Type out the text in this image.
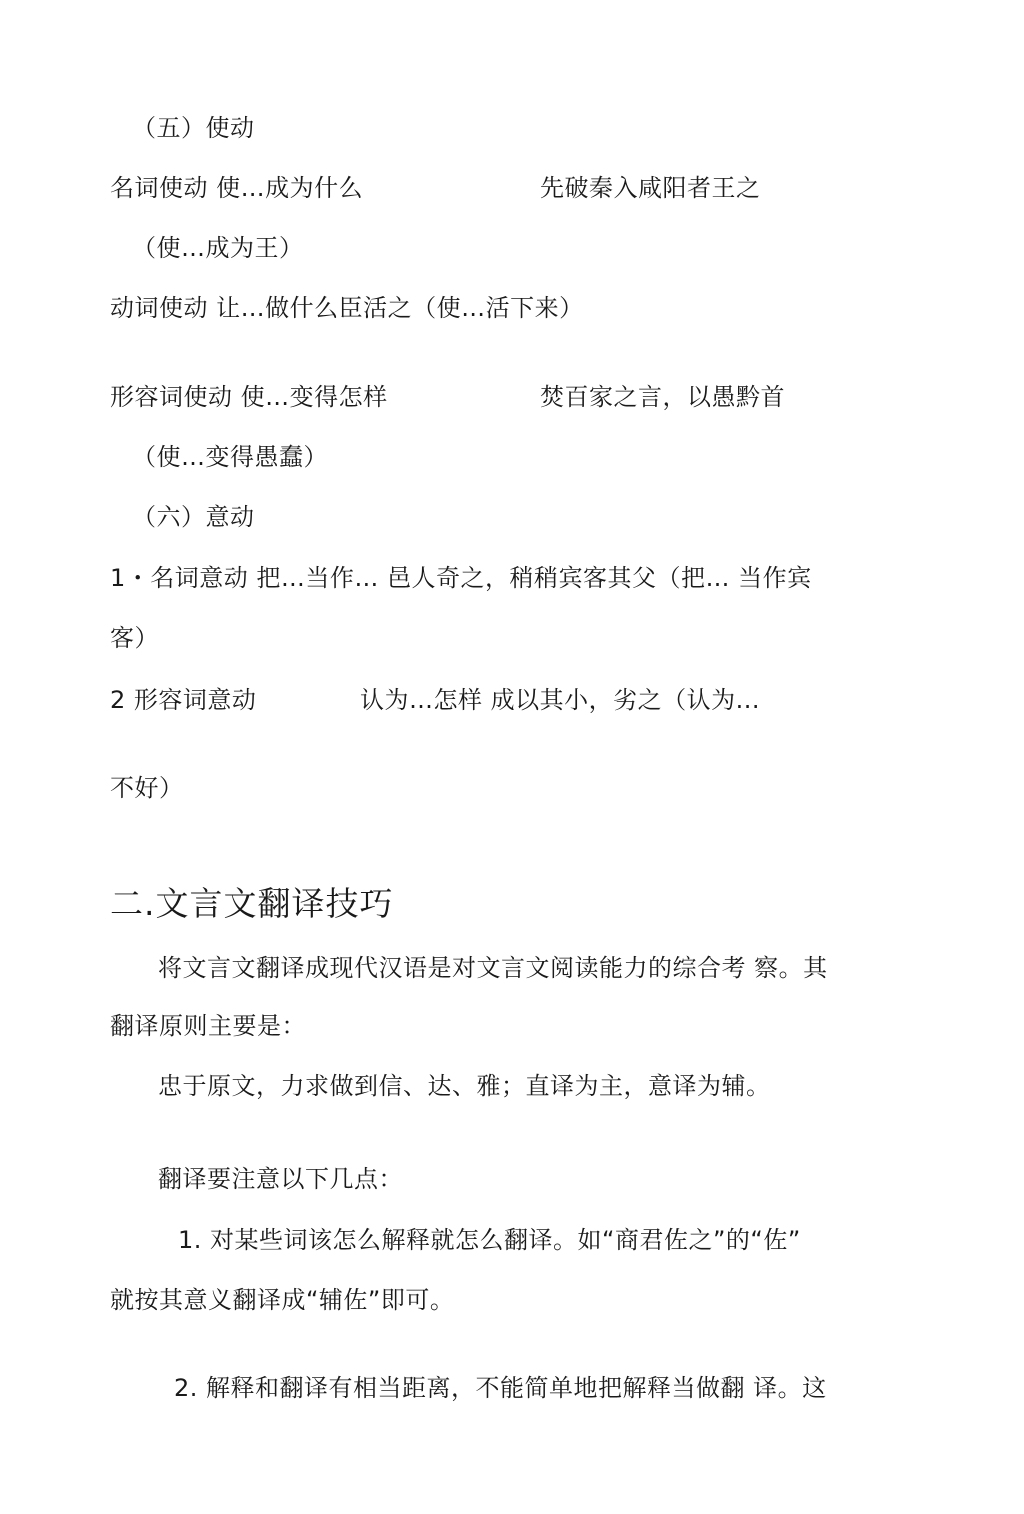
（五）使动
名词使动 使…成为什么	先破秦入咸阳者王之
（使…成为王）
动词使动 让…做什么臣活之（使…活下来）
形容词使动 使…变得怎样	焚百家之言，以愚黔首
（使…变得愚蠢）
（六）意动
1・名词意动 把…当作… 邑人奇之，稍稍宾客其父（把… 当作宾
客）
2 形容词意动	认为…怎样 成以其小，劣之（认为...
不好）
二.文言文翻译技巧
将文言文翻译成现代汉语是对文言文阅读能力的综合考 察。其
翻译原则主要是：
忠于原文，力求做到信、达、雅；直译为主，意译为辅。
翻译要注意以下几点：
1. 对某些词该怎么解释就怎么翻译。如“商君佐之”的“佐”
就按其意义翻译成“辅佐”即可。
2. 解释和翻译有相当距离，不能简单地把解释当做翻 译。这
